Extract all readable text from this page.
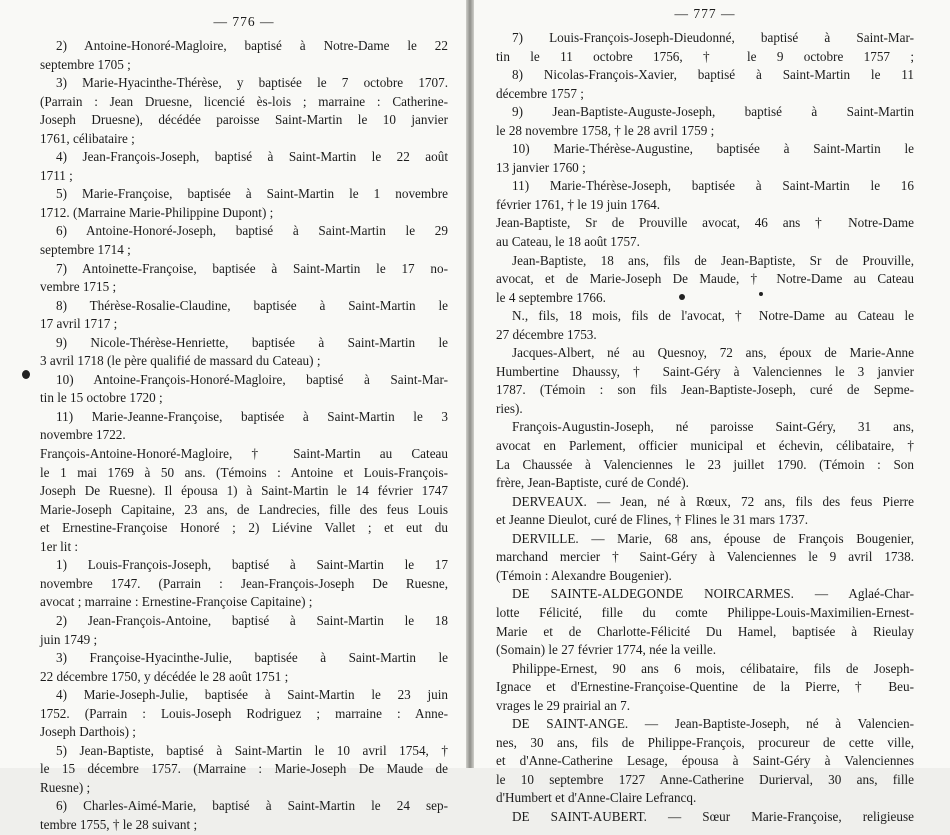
— 776 —
2) Antoine-Honoré-Magloire, baptisé à Notre-Dame le 22
septembre 1705 ;
3) Marie-Hyacinthe-Thérèse, y baptisée le 7 octobre 1707.
(Parrain : Jean Druesne, licencié ès-lois ; marraine : Catherine-
Joseph Druesne), décédée paroisse Saint-Martin le 10 janvier
1761, célibataire ;
4) Jean-François-Joseph, baptisé à Saint-Martin le 22 août
1711 ;
5) Marie-Françoise, baptisée à Saint-Martin le 1 novembre
1712. (Marraine Marie-Philippine Dupont) ;
6) Antoine-Honoré-Joseph, baptisé à Saint-Martin le 29
septembre 1714 ;
7) Antoinette-Françoise, baptisée à Saint-Martin le 17 no-
vembre 1715 ;
8) Thérèse-Rosalie-Claudine, baptisée à Saint-Martin le
17 avril 1717 ;
9) Nicole-Thérèse-Henriette, baptisée à Saint-Martin le
3 avril 1718 (le père qualifié de massard du Cateau) ;
10) Antoine-François-Honoré-Magloire, baptisé à Saint-Mar-
tin le 15 octobre 1720 ;
11) Marie-Jeanne-Françoise, baptisée à Saint-Martin le 3
novembre 1722.
François-Antoine-Honoré-Magloire, † Saint-Martin au Cateau
le 1 mai 1769 à 50 ans. (Témoins : Antoine et Louis-François-
Joseph De Ruesne). Il épousa 1) à Saint-Martin le 14 février 1747
Marie-Joseph Capitaine, 23 ans, de Landrecies, fille des feus Louis
et Ernestine-Françoise Honoré ; 2) Liévine Vallet ; et eut du
1er lit :
1) Louis-François-Joseph, baptisé à Saint-Martin le 17
novembre 1747. (Parrain : Jean-François-Joseph De Ruesne,
avocat ; marraine : Ernestine-Françoise Capitaine) ;
2) Jean-François-Antoine, baptisé à Saint-Martin le 18
juin 1749 ;
3) Françoise-Hyacinthe-Julie, baptisée à Saint-Martin le
22 décembre 1750, y décédée le 28 août 1751 ;
4) Marie-Joseph-Julie, baptisée à Saint-Martin le 23 juin
1752. (Parrain : Louis-Joseph Rodriguez ; marraine : Anne-
Joseph Darthois) ;
5) Jean-Baptiste, baptisé à Saint-Martin le 10 avril 1754, †
le 15 décembre 1757. (Marraine : Marie-Joseph De Maude de
Ruesne) ;
6) Charles-Aimé-Marie, baptisé à Saint-Martin le 24 sep-
tembre 1755, † le 28 suivant ;
— 777 —
7) Louis-François-Joseph-Dieudonné, baptisé à Saint-Mar-
tin le 11 octobre 1756, † le 9 octobre 1757 ;
8) Nicolas-François-Xavier, baptisé à Saint-Martin le 11
décembre 1757 ;
9) Jean-Baptiste-Auguste-Joseph, baptisé à Saint-Martin
le 28 novembre 1758, † le 28 avril 1759 ;
10) Marie-Thérèse-Augustine, baptisée à Saint-Martin le
13 janvier 1760 ;
11) Marie-Thérèse-Joseph, baptisée à Saint-Martin le 16
février 1761, † le 19 juin 1764.
Jean-Baptiste, Sr de Prouville avocat, 46 ans † Notre-Dame
au Cateau, le 18 août 1757.
Jean-Baptiste, 18 ans, fils de Jean-Baptiste, Sr de Prouville,
avocat, et de Marie-Joseph De Maude, † Notre-Dame au Cateau
le 4 septembre 1766.
N., fils, 18 mois, fils de l'avocat, † Notre-Dame au Cateau le
27 décembre 1753.
Jacques-Albert, né au Quesnoy, 72 ans, époux de Marie-Anne
Humbertine Dhaussy, † Saint-Géry à Valenciennes le 3 janvier
1787. (Témoin : son fils Jean-Baptiste-Joseph, curé de Sepme-
ries).
François-Augustin-Joseph, né paroisse Saint-Géry, 31 ans,
avocat en Parlement, officier municipal et échevin, célibataire, †
La Chaussée à Valenciennes le 23 juillet 1790. (Témoin : Son
frère, Jean-Baptiste, curé de Condé).
DERVEAUX. — Jean, né à Rœux, 72 ans, fils des feus Pierre
et Jeanne Dieulot, curé de Flines, † Flines le 31 mars 1737.
DERVILLE. — Marie, 68 ans, épouse de François Bougenier,
marchand mercier † Saint-Géry à Valenciennes le 9 avril 1738.
(Témoin : Alexandre Bougenier).
DE SAINTE-ALDEGONDE NOIRCARMES. — Aglaé-Char-
lotte Félicité, fille du comte Philippe-Louis-Maximilien-Ernest-
Marie et de Charlotte-Félicité Du Hamel, baptisée à Rieulay
(Somain) le 27 février 1774, née la veille.
Philippe-Ernest, 90 ans 6 mois, célibataire, fils de Joseph-
Ignace et d'Ernestine-Françoise-Quentine de la Pierre, † Beu-
vrages le 29 prairial an 7.
DE SAINT-ANGE. — Jean-Baptiste-Joseph, né à Valencien-
nes, 30 ans, fils de Philippe-François, procureur de cette ville,
et d'Anne-Catherine Lesage, épousa à Saint-Géry à Valenciennes
le 10 septembre 1727 Anne-Catherine Durierval, 30 ans, fille
d'Humbert et d'Anne-Claire Lefrancq.
DE SAINT-AUBERT. — Sœur Marie-Françoise, religieuse
